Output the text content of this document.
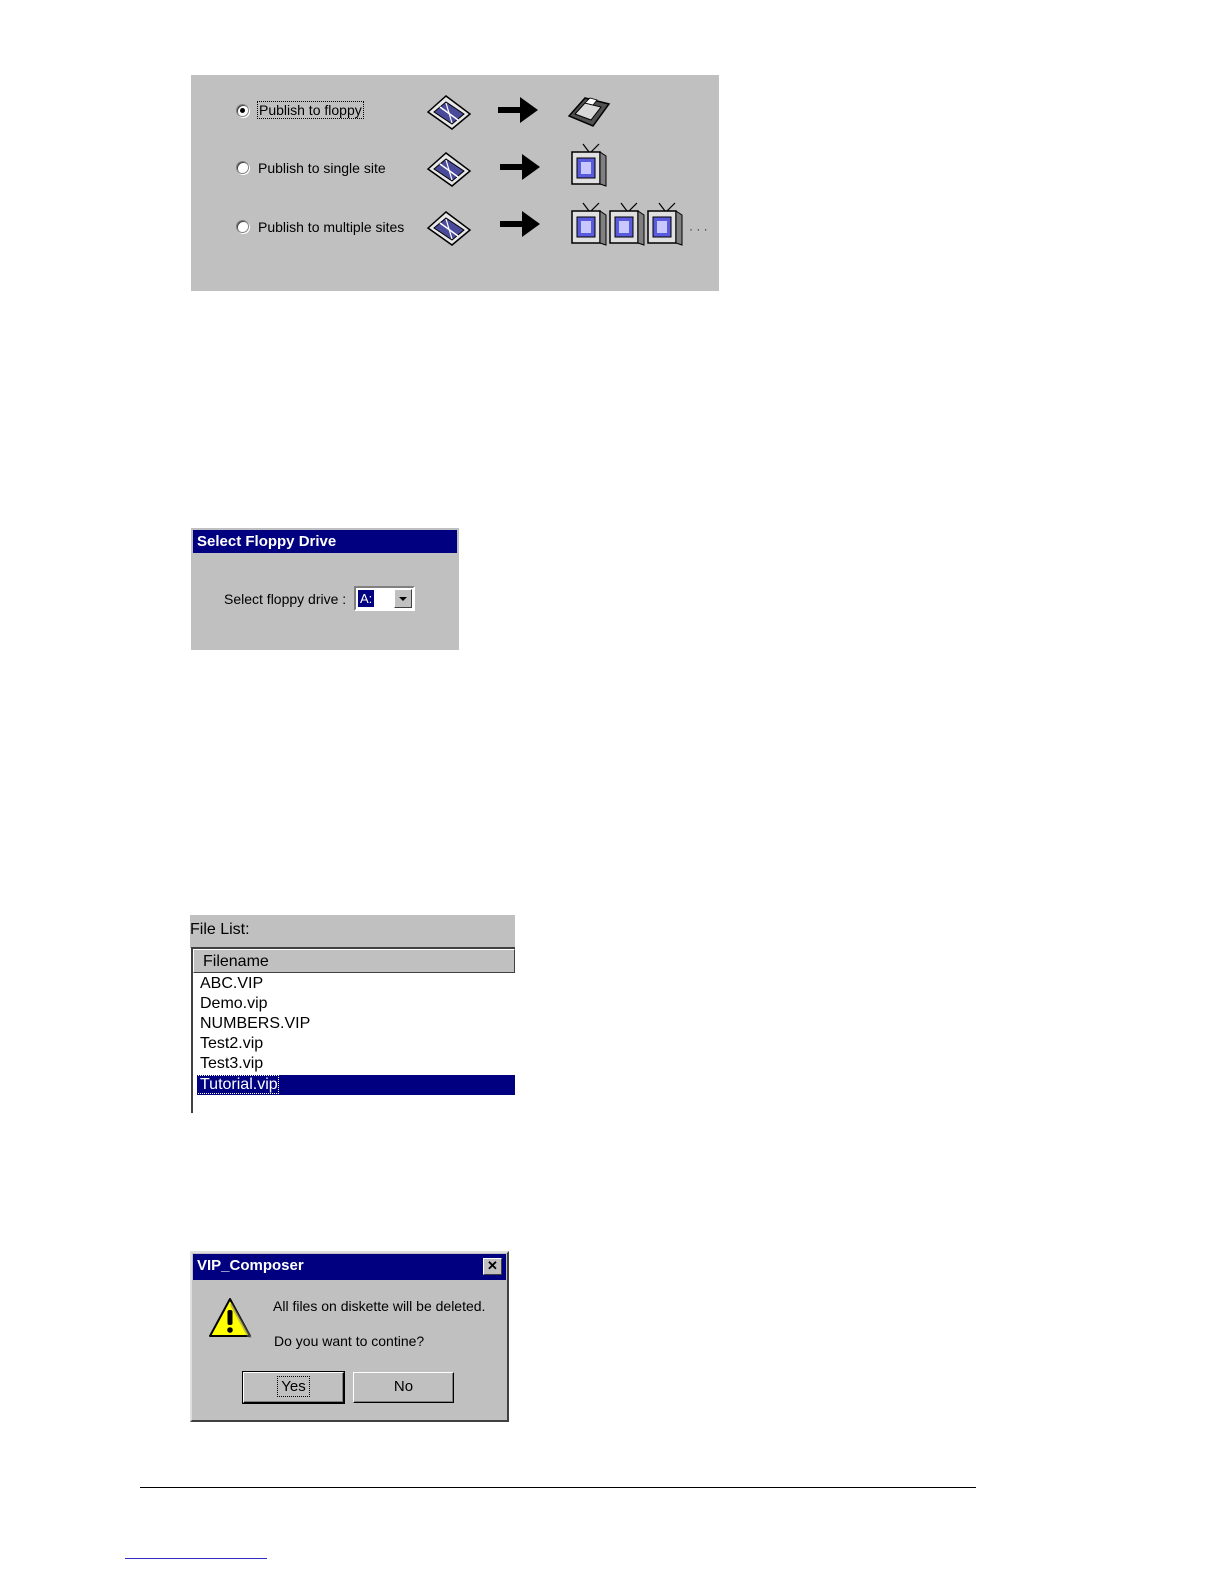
Publish to floppy
Publish to single site
Publish to multiple sites	· · ·
Select Floppy Drive
Select floppy drive : A:
File List:
Filename
ABC.VIP
Demo.vip
NUMBERS.VIP
Test2.vip
Test3.vip
Tutorial.vip
VIP_Composer	✕
All files on diskette will be deleted.
Do you want to contine?
Yes	No
